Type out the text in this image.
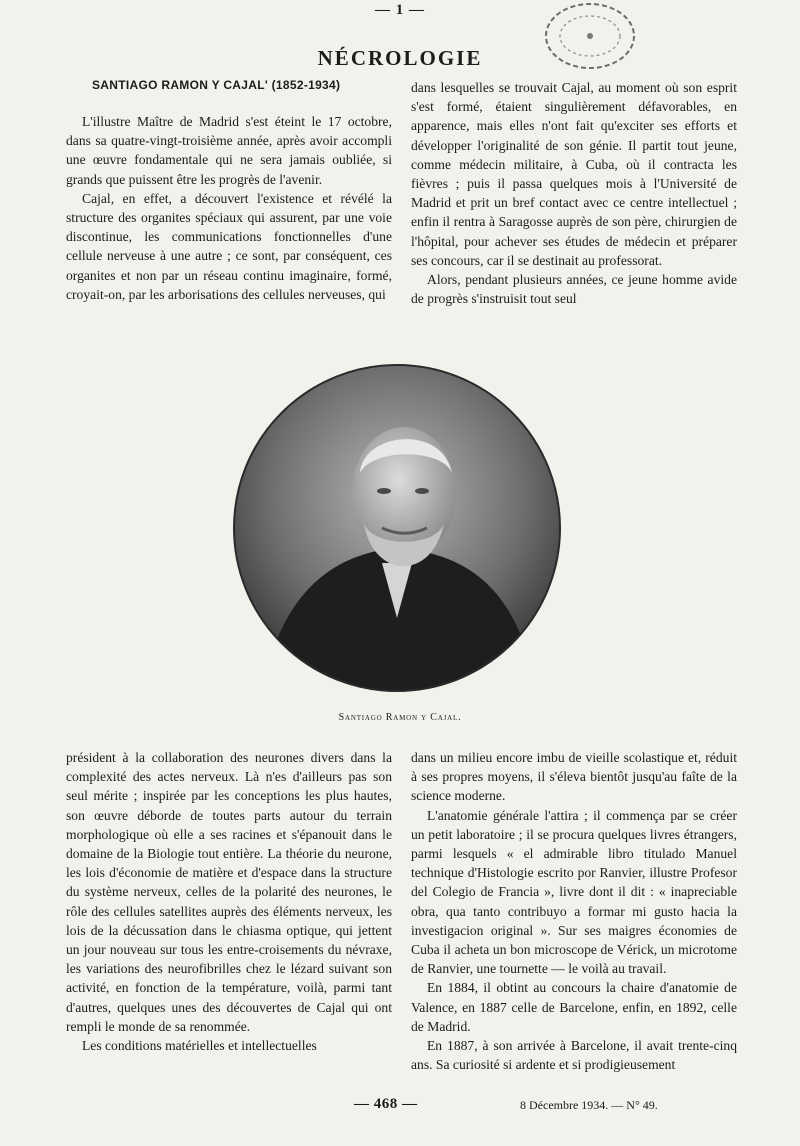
— 1 —
NÉCROLOGIE
SANTIAGO RAMON Y CAJAL' (1852-1934)

L'illustre Maître de Madrid s'est éteint le 17 octobre, dans sa quatre-vingt-troisième année, après avoir accompli une œuvre fondamentale qui ne sera jamais oubliée, si grands que puissent être les progrès de l'avenir.

Cajal, en effet, a découvert l'existence et révélé la structure des organites spéciaux qui assurent, par une voie discontinue, les communications fonctionnelles d'une cellule nerveuse à une autre ; ce sont, par conséquent, ces organites et non par un réseau continu imaginaire, formé, croyait-on, par les arborisations des cellules nerveuses, qui

dans lesquelles se trouvait Cajal, au moment où son esprit s'est formé, étaient singulièrement défavorables, en apparence, mais elles n'ont fait qu'exciter ses efforts et développer l'originalité de son génie. Il partit tout jeune, comme médecin militaire, à Cuba, où il contracta les fièvres ; puis il passa quelques mois à l'Université de Madrid et prit un bref contact avec ce centre intellectuel ; enfin il rentra à Saragosse auprès de son père, chirurgien de l'hôpital, pour achever ses études de médecin et préparer ses concours, car il se destinait au professorat.

Alors, pendant plusieurs années, ce jeune homme avide de progrès s'instruisit tout seul

Santiago Ramon y Cajal.

président à la collaboration des neurones divers dans la complexité des actes nerveux. Là n'es d'ailleurs pas son seul mérite ; inspirée par les conceptions les plus hautes, son œuvre déborde de toutes parts autour du terrain morphologique où elle a ses racines et s'épanouit dans le domaine de la Biologie tout entière. La théorie du neurone, les lois d'économie de matière et d'espace dans la structure du système nerveux, celles de la polarité des neurones, le rôle des cellules satellites auprès des éléments nerveux, les lois de la décussation dans le chiasma optique, qui jettent un jour nouveau sur tous les entre-croisements du névraxe, les variations des neurofibrilles chez le lézard suivant son activité, en fonction de la température, voilà, parmi tant d'autres, quelques unes des découvertes de Cajal qui ont rempli le monde de sa renommée.

Les conditions matérielles et intellectuelles

dans un milieu encore imbu de vieille scolastique et, réduit à ses propres moyens, il s'éleva bientôt jusqu'au faîte de la science moderne.

L'anatomie générale l'attira ; il commença par se créer un petit laboratoire ; il se procura quelques livres étrangers, parmi lesquels « el admirable libro titulado Manuel technique d'Histologie escrito por Ranvier, illustre Profesor del Colegio de Francia », livre dont il dit : « inapreciable obra, qua tanto contribuyo a formar mi gusto hacia la investigacion original ». Sur ses maigres économies de Cuba il acheta un bon microscope de Vérick, un microtome de Ranvier, une tournette — le voilà au travail.

En 1884, il obtint au concours la chaire d'anatomie de Valence, en 1887 celle de Barcelone, enfin, en 1892, celle de Madrid.

En 1887, à son arrivée à Barcelone, il avait trente-cinq ans. Sa curiosité si ardente et si prodigieusement

— 468 —	8 Décembre 1934. — N° 49.
